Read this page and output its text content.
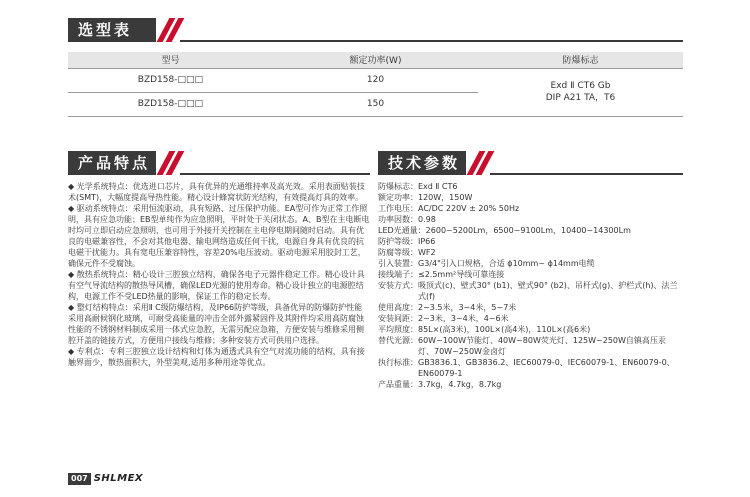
选型表
型号	额定功率(W)	防爆标志
BZD158-□□□	120	Exd Ⅱ CT6 Gb
DIP A21 TA，T6

BZD158-□□□	150	
产品特点	技术参数

◆ 光学系统特点：优选进口芯片，具有优异的光通维持率及高光效。采用表面贴装技术(SMT)，大幅度提高导热性能。精心设计蜂窝状防光结构，有效提高灯具的效率。

◆ 驱动系统特点：采用恒流驱动，具有短路、过压保护功能。EA型可作为正常工作照明，具有应急功能；EB型单纯作为应急照明，平时处于关闭状态。A、B型在主电断电时均可立即启动应急照明，也可用于外接开关控制在主电停电期间随时启动。具有优良的电磁兼容性，不会对其他电器、输电网络造成任何干扰，电源自身具有优良的抗电磁干扰能力。具有宽电压兼容特性，容差20%电压波动。驱动电源采用胶封工艺，确保元件不受腐蚀。

◆ 散热系统特点：精心设计三腔独立结构，确保各电子元器件稳定工作。精心设计具有空气导流结构的散热导风槽，确保LED光源的使用寿命。精心设计独立的电源腔结构，电源工作不受LED热量的影响，保证工作的稳定长寿。

◆ 整灯结构特点：采用Ⅱ C级防爆结构，及IP66防护等级，具备优异的防爆防护性能采用高耐候钢化玻璃，可耐受高能量的冲击全部外露紧固件及其附件均采用高防腐蚀性能的不锈钢材料制成采用一体式应急腔，无需另配应急箱，方便安装与维修采用侧腔开盖的链接方式，方便用户接线与维修；多种安装方式可供用户选择。

◆ 专利点：专利三腔独立设计结构和灯体为通透式具有空气对流功能的结构，具有接触界面少，散热面积大，外型美观,适用多种用途等优点。

防爆标志： Exd Ⅱ CT6
额定功率： 120W，150W
工作电压： AC/DC 220V ± 20% 50Hz
功率因数： 0.98
LED光通量： 2600~5200Lm，6500~9100Lm，10400~14300Lm
防护等级： IP66
防腐等级： WF2
引入装置： G3/4"引入口规格，合适 ϕ10mm~ ϕ14mm电缆
接线端子： ≤2.5mm²导线可靠连接
安装方式： 吸顶式(c)、壁式30° (b1)、壁式90° (b2)、吊杆式(g)、护栏式(h)、法兰式(f)
使用高度： 2~3.5米，3~4米，5~7米
安装间距： 2~3米，3~4米，4~6米
平均照度： 85L×(高3米)，100L×(高4米)，110L×(高6米)
替代光源： 60W~100W节能灯、40W~80W荧光灯、125W~250W自镇高压汞灯、70W~250W金卤灯
执行标准： GB3836.1、GB3836.2、IEC60079-0、IEC60079-1、EN60079-0、EN60079-1
产品重量： 3.7kg，4.7kg，8.7kg
007 SHLMEX
